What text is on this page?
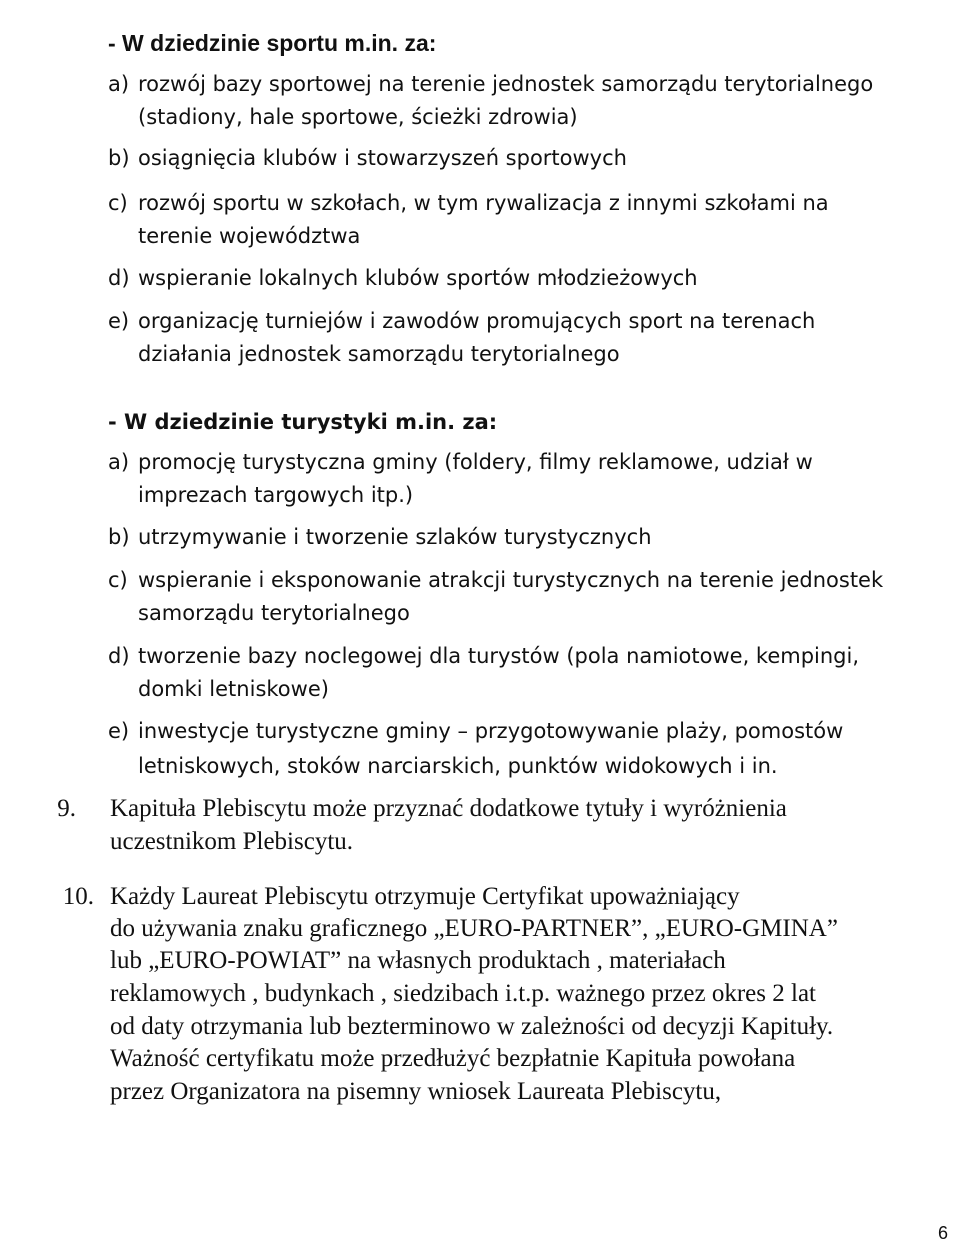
- W dziedzinie sportu m.in. za:

a) rozwój bazy sportowej na terenie jednostek samorządu terytorialnego

(stadiony, hale sportowe, ścieżki zdrowia)

b) osiągnięcia klubów i stowarzyszeń sportowych

c) rozwój sportu w szkołach, w tym rywalizacja z innymi szkołami na

terenie województwa

d) wspieranie lokalnych klubów sportów młodzieżowych

e) organizację turniejów i zawodów promujących sport na terenach

działania jednostek samorządu terytorialnego

- W dziedzinie turystyki m.in. za:

a) promocję turystyczna gminy (foldery, filmy reklamowe, udział w

imprezach targowych itp.)

b) utrzymywanie i tworzenie szlaków turystycznych

c) wspieranie i eksponowanie atrakcji turystycznych na terenie jednostek

samorządu terytorialnego

d) tworzenie bazy noclegowej dla turystów (pola namiotowe, kempingi,

domki letniskowe)

e) inwestycje turystyczne gminy – przygotowywanie plaży, pomostów

letniskowych, stoków narciarskich, punktów widokowych i in.

9. Kapituła Plebiscytu może przyznać dodatkowe tytuły i wyróżnienia

uczestnikom Plebiscytu.

10. Każdy Laureat Plebiscytu otrzymuje Certyfikat upoważniający

do używania znaku graficznego „EURO-PARTNER”, „EURO-GMINA”

lub „EURO-POWIAT” na własnych produktach , materiałach

reklamowych , budynkach , siedzibach i.t.p. ważnego przez okres 2 lat

od daty otrzymania lub bezterminowo w zależności od decyzji Kapituły.

Ważność certyfikatu może przedłużyć bezpłatnie Kapituła powołana

przez Organizatora na pisemny wniosek Laureata Plebiscytu,

6
